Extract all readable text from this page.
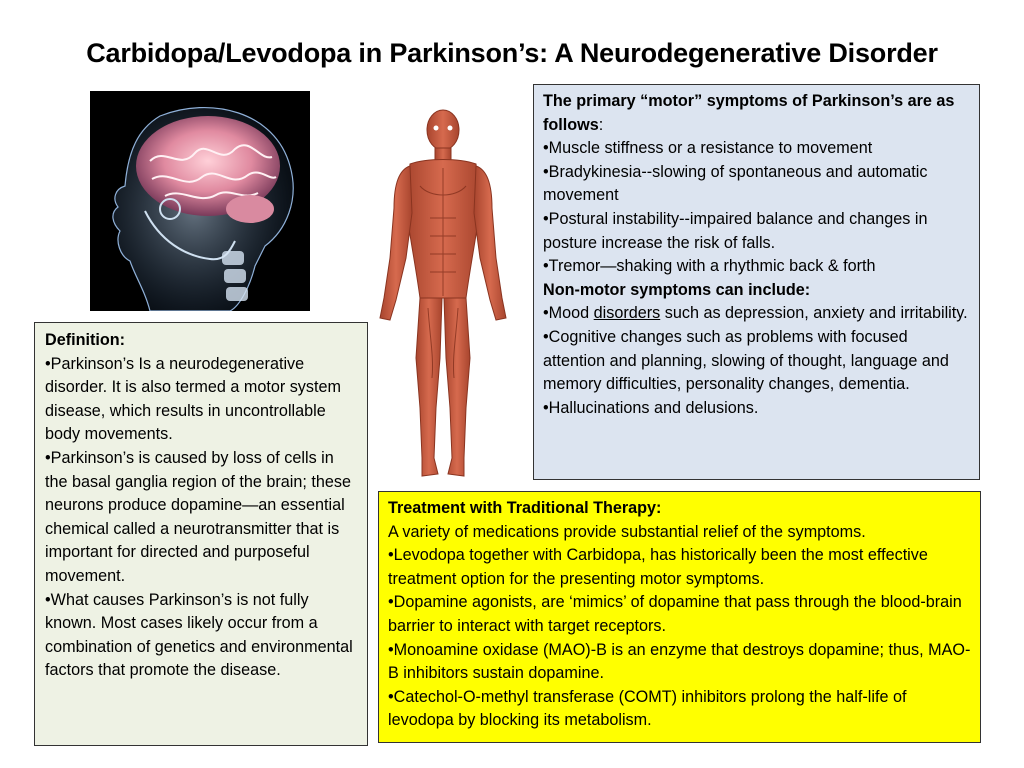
Carbidopa/Levodopa in Parkinson’s: A Neurodegenerative Disorder

Definition:

•Parkinson’s Is a neurodegenerative disorder. It is also termed a motor system disease, which results in uncontrollable body movements.

•Parkinson’s is caused by loss of cells in the basal ganglia region of the brain; these neurons produce dopamine—an essential chemical called a neurotransmitter that is important for directed and purposeful movement.

•What causes Parkinson’s is not fully known. Most cases likely occur from a combination of genetics and environmental factors that promote the disease.

The primary “motor” symptoms of Parkinson’s are as follows:

•Muscle stiffness or a resistance to movement

•Bradykinesia--slowing of spontaneous and automatic movement

•Postural instability--impaired balance and changes in posture increase the risk of falls.

•Tremor—shaking with a rhythmic back & forth

Non-motor symptoms can include:

•Mood disorders such as depression, anxiety and irritability.

•Cognitive changes such as problems with focused attention and planning, slowing of thought, language and memory difficulties, personality changes, dementia.

•Hallucinations and delusions.

Treatment with Traditional Therapy:

A variety of medications provide substantial relief of the symptoms.

•Levodopa together with Carbidopa, has historically been the most effective treatment option for the presenting motor symptoms.

•Dopamine agonists, are ‘mimics’ of dopamine that pass through the blood-brain barrier to interact with target receptors.

•Monoamine oxidase (MAO)-B is an enzyme that destroys dopamine; thus, MAO-B inhibitors sustain dopamine.

•Catechol-O-methyl transferase (COMT) inhibitors prolong the half-life of levodopa by blocking its metabolism.
